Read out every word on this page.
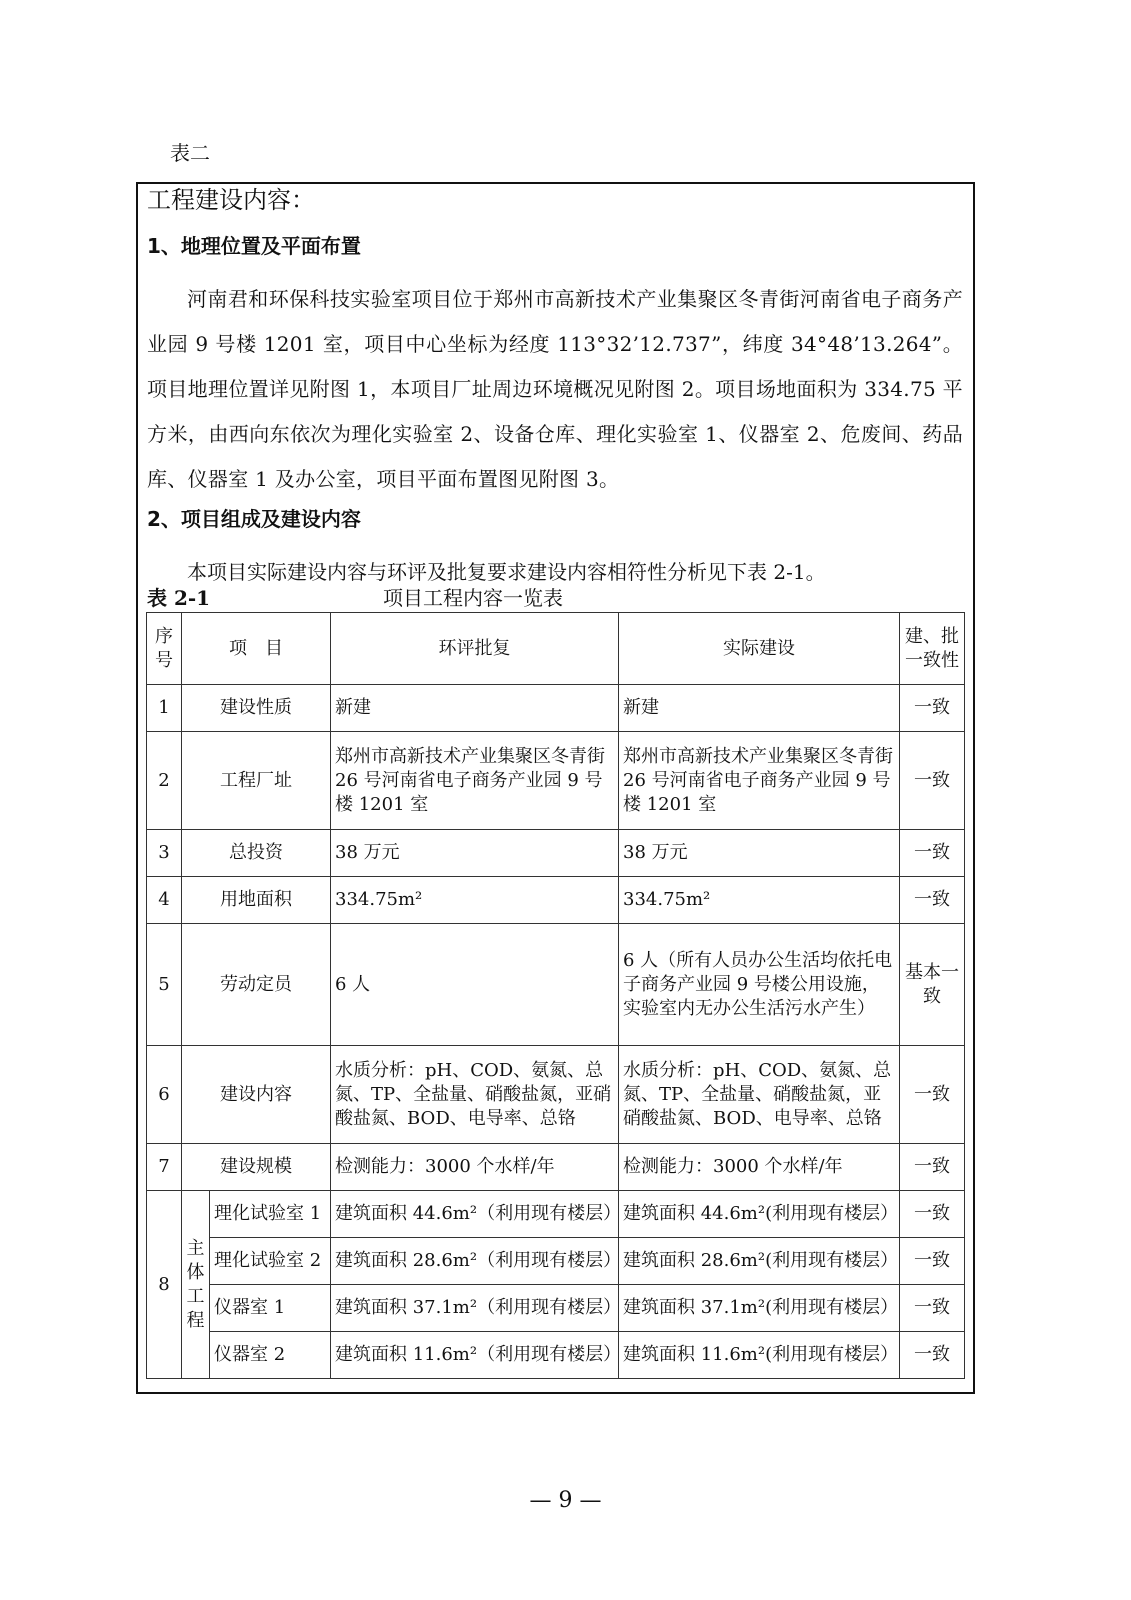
表二
工程建设内容：
1、地理位置及平面布置

河南君和环保科技实验室项目位于郑州市高新技术产业集聚区冬青街河南省电子商务产业园 9 号楼 1201 室，项目中心坐标为经度 113°32’12.737”，纬度 34°48’13.264”。项目地理位置详见附图 1，本项目厂址周边环境概况见附图 2。项目场地面积为 334.75 平方米，由西向东依次为理化实验室 2、设备仓库、理化实验室 1、仪器室 2、危废间、药品库、仪器室 1 及办公室，项目平面布置图见附图 3。

2、项目组成及建设内容

本项目实际建设内容与环评及批复要求建设内容相符性分析见下表 2-1。

表 2-1	项目工程内容一览表
序号	项　目		环评批复	实际建设	建、批一致性
1	建设性质		新建	新建	一致
2	工程厂址		郑州市高新技术产业集聚区冬青街 26 号河南省电子商务产业园 9 号楼 1201 室	郑州市高新技术产业集聚区冬青街 26 号河南省电子商务产业园 9 号楼 1201 室	一致
3	总投资		38 万元	38 万元	一致
4	用地面积		334.75m²	334.75m²	一致
5	劳动定员		6 人	6 人（所有人员办公生活均依托电子商务产业园 9 号楼公用设施，实验室内无办公生活污水产生）	基本一致
6	建设内容		水质分析：pH、COD、氨氮、总氮、TP、全盐量、硝酸盐氮，亚硝酸盐氮、BOD、电导率、总铬	水质分析：pH、COD、氨氮、总氮、TP、全盐量、硝酸盐氮，亚硝酸盐氮、BOD、电导率、总铬	一致
7	建设规模		检测能力：3000 个水样/年	检测能力：3000 个水样/年	一致
8	主体工程	理化试验室 1	建筑面积 44.6m²（利用现有楼层）	建筑面积 44.6m²(利用现有楼层）	一致
		理化试验室 2	建筑面积 28.6m²（利用现有楼层）	建筑面积 28.6m²(利用现有楼层）	一致
		仪器室 1	建筑面积 37.1m²（利用现有楼层）	建筑面积 37.1m²(利用现有楼层）	一致
		仪器室 2	建筑面积 11.6m²（利用现有楼层）	建筑面积 11.6m²(利用现有楼层）	一致
— 9 —
